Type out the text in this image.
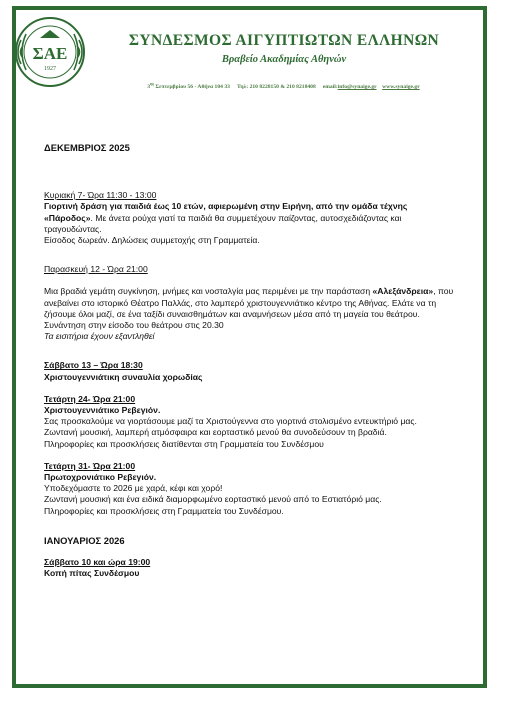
ΣΑΕ
1927
ΣΥΝΔΕΣΜΟΣ ΑΙΓΥΠΤΙΩΤΩΝ ΕΛΛΗΝΩΝ
Βραβείο Ακαδημίας Αθηνών
$3^{\eta\varsigma}$ Σεπτεμβρίου 56 - Αθήνα 104 33 Τηλ: 210 8228150 & 210 8218408 email:info@synaige.gr www.synaige.gr

ΔΕΚΕΜΒΡΙΟΣ 2025

Κυριακή 7- Ώρα 11:30 - 13:00

Γιορτινή δράση για παιδιά έως 10 ετών, αφιερωμένη στην Ειρήνη, από την ομάδα τέχνης «Πάροδος». Με άνετα ρούχα γιατί τα παιδιά θα συμμετέχουν παίζοντας, αυτοσχεδιάζοντας και τραγουδώντας.

Είσοδος δωρεάν. Δηλώσεις συμμετοχής στη Γραμματεία.

Παρασκευή 12 - Ώρα 21:00

Μια βραδιά γεμάτη συγκίνηση, μνήμες και νοσταλγία μας περιμένει με την παράσταση «Αλεξάνδρεια», που ανεβαίνει στο ιστορικό Θέατρο Παλλάς, στο λαμπερό χριστουγεννιάτικο κέντρο της Αθήνας. Ελάτε να τη ζήσουμε όλοι μαζί, σε ένα ταξίδι συναισθημάτων και αναμνήσεων μέσα από τη μαγεία του θεάτρου. Συνάντηση στην είσοδο του θεάτρου στις 20.30

Τα εισιτήρια έχουν εξαντληθεί

Σάββατο 13 – Ώρα 18:30

Χριστουγεννιάτικη συναυλία χορωδίας

Τετάρτη 24- Ώρα 21:00

Χριστουγεννιάτικο Ρεβεγιόν.

Σας προσκαλούμε να γιορτάσουμε μαζί τα Χριστούγεννα στο γιορτινά στολισμένο εντευκτήριό μας.

Ζωντανή μουσική, λαμπερή ατμόσφαιρα και εορταστικό μενού θα συνοδεύσουν τη βραδιά.

Πληροφορίες και προσκλήσεις διατίθενται στη Γραμματεία του Συνδέσμου

Τετάρτη 31- Ώρα 21:00

Πρωτοχρονιάτικο Ρεβεγιόν.

Υποδεχόμαστε το 2026 με χαρά, κέφι και χορό!

Ζωντανή μουσική και ένα ειδικά διαμορφωμένο εορταστικό μενού από το Εστιατόριό μας.

Πληροφορίες και προσκλήσεις στη Γραμματεία του Συνδέσμου.

ΙΑΝΟΥΑΡΙΟΣ 2026

Σάββατο 10 και ώρα 19:00

Κοπή πίτας Συνδέσμου
